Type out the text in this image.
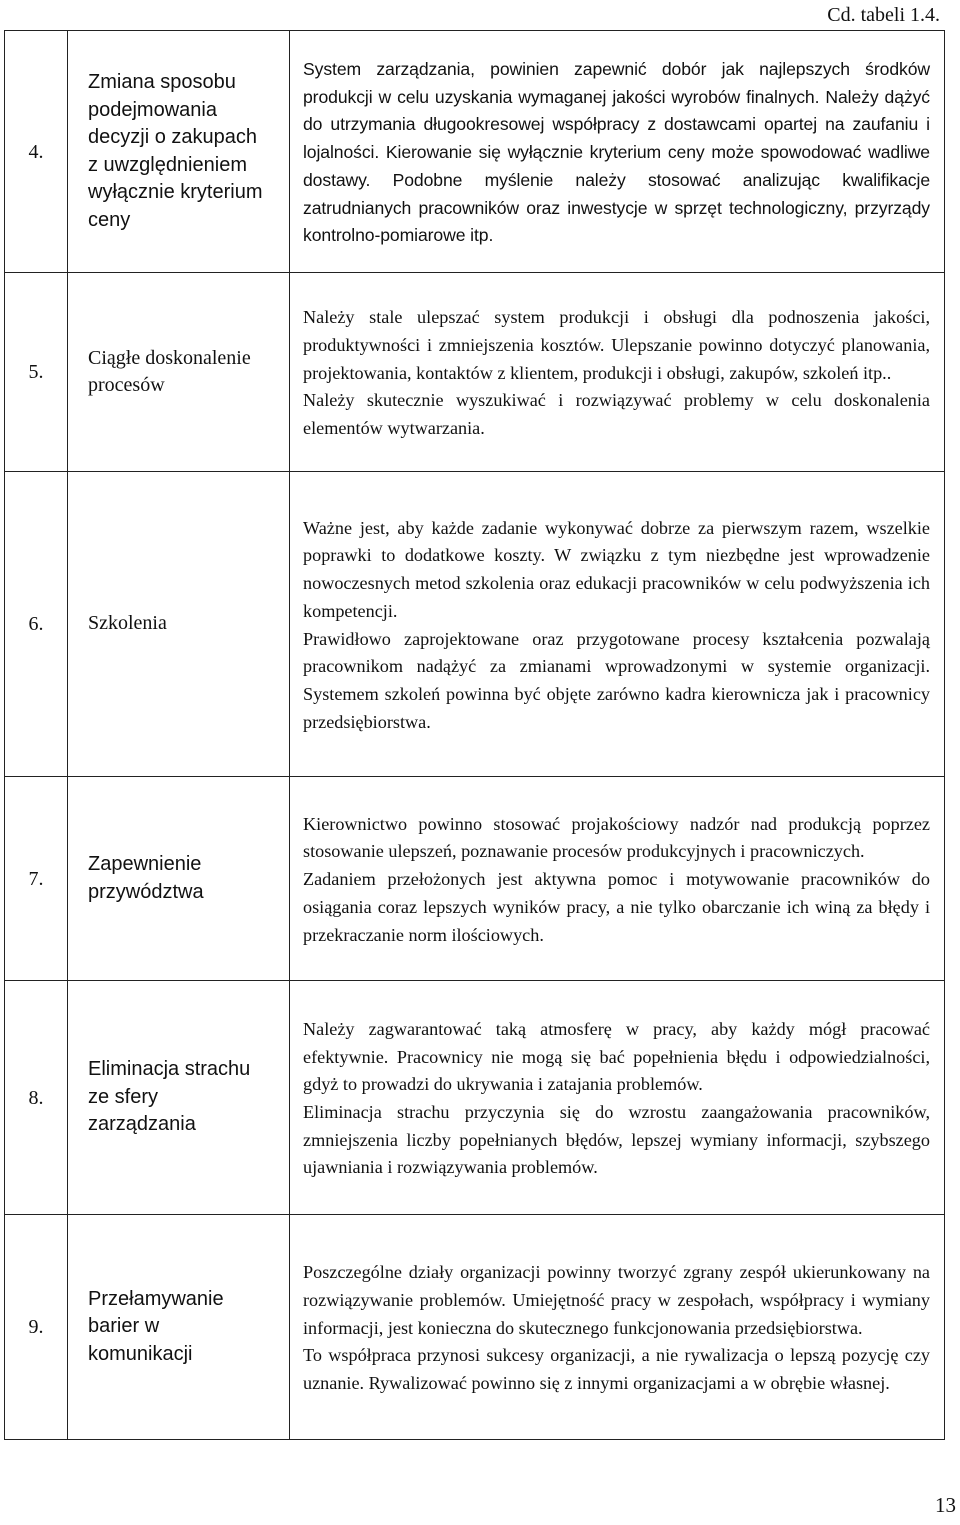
Cd. tabeli 1.4.
4.	Zmiana sposobu podejmowania decyzji o zakupach z uwzględnieniem wyłącznie kryterium ceny	System zarządzania, powinien zapewnić dobór jak najlepszych środków produkcji w celu uzyskania wymaganej jakości wyrobów finalnych. Należy dążyć do utrzymania długookresowej współpracy z dostawcami opartej na zaufaniu i lojalności. Kierowanie się wyłącznie kryterium ceny może spowodować wadliwe dostawy. Podobne myślenie należy stosować analizując kwalifikacje zatrudnianych pracowników oraz inwestycje w sprzęt technologiczny, przyrządy kontrolno-pomiarowe itp.

5.	Ciągłe doskonalenie procesów	Należy stale ulepszać system produkcji i obsługi dla podnoszenia jakości, produktywności i zmniejszenia kosztów. Ulepszanie powinno dotyczyć planowania, projektowania, kontaktów z klientem, produkcji i obsługi, zakupów, szkoleń itp..

Należy skutecznie wyszukiwać i rozwiązywać problemy w celu doskonalenia elementów wytwarzania.

6.	Szkolenia	Ważne jest, aby każde zadanie wykonywać dobrze za pierwszym razem, wszelkie poprawki to dodatkowe koszty. W związku z tym niezbędne jest wprowadzenie nowoczesnych metod szkolenia oraz edukacji pracowników w celu podwyższenia ich kompetencji.

Prawidłowo zaprojektowane oraz przygotowane procesy kształcenia pozwalają pracownikom nadążyć za zmianami wprowadzonymi w systemie organizacji. Systemem szkoleń powinna być objęte zarówno kadra kierownicza jak i pracownicy przedsiębiorstwa.

7.	Zapewnienie przywództwa	Kierownictwo powinno stosować projakościowy nadzór nad produkcją poprzez stosowanie ulepszeń, poznawanie procesów produkcyjnych i pracowniczych.

Zadaniem przełożonych jest aktywna pomoc i motywowanie pracowników do osiągania coraz lepszych wyników pracy, a nie tylko obarczanie ich winą za błędy i przekraczanie norm ilościowych.

8.	Eliminacja strachu ze sfery zarządzania	Należy zagwarantować taką atmosferę w pracy, aby każdy mógł pracować efektywnie. Pracownicy nie mogą się bać popełnienia błędu i odpowiedzialności, gdyż to prowadzi do ukrywania i zatajania problemów.

Eliminacja strachu przyczynia się do wzrostu zaangażowania pracowników, zmniejszenia liczby popełnianych błędów, lepszej wymiany informacji, szybszego ujawniania i rozwiązywania problemów.

9.	Przełamywanie barier w komunikacji	Poszczególne działy organizacji powinny tworzyć zgrany zespół ukierunkowany na rozwiązywanie problemów. Umiejętność pracy w zespołach, współpracy i wymiany informacji, jest konieczna do skutecznego funkcjonowania przedsiębiorstwa.

To współpraca przynosi sukcesy organizacji, a nie rywalizacja o lepszą pozycję czy uznanie. Rywalizować powinno się z innymi organizacjami a w obrębie własnej.

13
